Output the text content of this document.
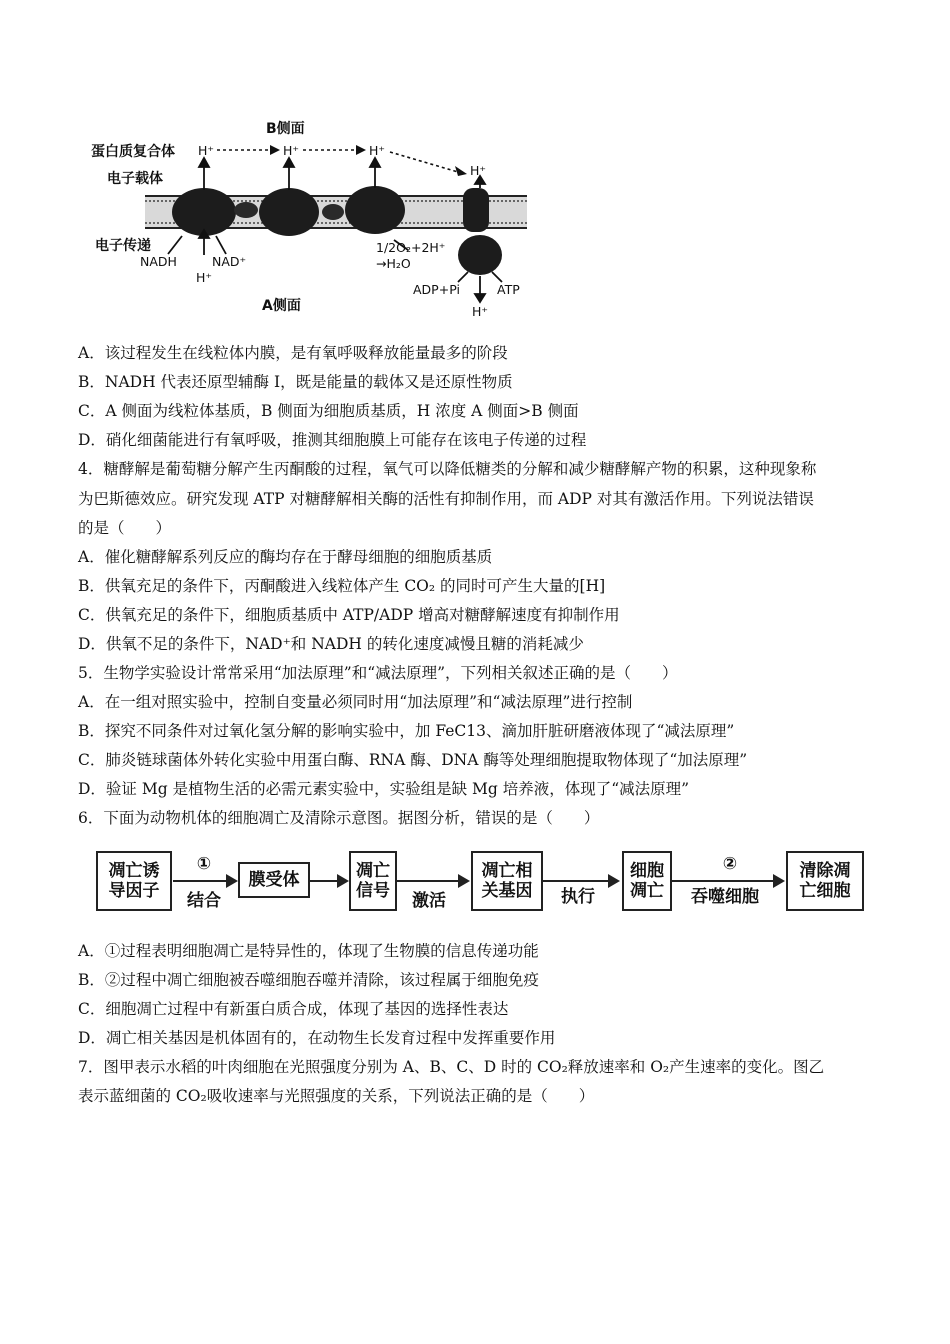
B侧面
蛋白质复合体 H⁺	H⁺	H⁺
H⁺
电子载体
电子传递
NADH	NAD⁺
H⁺
1/2O₂+2H⁺
→H₂O
ADP+Pi	ATP
H⁺
A侧面
A．该过程发生在线粒体内膜，是有氧呼吸释放能量最多的阶段
B．NADH 代表还原型辅酶 I，既是能量的载体又是还原性物质
C．A 侧面为线粒体基质，B 侧面为细胞质基质，H 浓度 A 侧面>B 侧面
D．硝化细菌能进行有氧呼吸，推测其细胞膜上可能存在该电子传递的过程
4．糖酵解是葡萄糖分解产生丙酮酸的过程，氧气可以降低糖类的分解和减少糖酵解产物的积累，这种现象称
为巴斯德效应。研究发现 ATP 对糖酵解相关酶的活性有抑制作用，而 ADP 对其有激活作用。下列说法错误
的是（　　）
A．催化糖酵解系列反应的酶均存在于酵母细胞的细胞质基质
B．供氧充足的条件下，丙酮酸进入线粒体产生 CO₂ 的同时可产生大量的[H]
C．供氧充足的条件下，细胞质基质中 ATP/ADP 增高对糖酵解速度有抑制作用
D．供氧不足的条件下，NAD⁺和 NADH 的转化速度减慢且糖的消耗减少
5．生物学实验设计常常采用“加法原理”和“减法原理”，下列相关叙述正确的是（　　）
A．在一组对照实验中，控制自变量必须同时用“加法原理”和“减法原理”进行控制
B．探究不同条件对过氧化氢分解的影响实验中，加 FeC13、滴加肝脏研磨液体现了“减法原理”
C．肺炎链球菌体外转化实验中用蛋白酶、RNA 酶、DNA 酶等处理细胞提取物体现了“加法原理”
D．验证 Mg 是植物生活的必需元素实验中，实验组是缺 Mg 培养液，体现了“减法原理”
6．下面为动物机体的细胞凋亡及清除示意图。据图分析，错误的是（　　）
凋亡诱
导因子
①
结合
膜受体	凋亡
信号	激活
凋亡相
关基因	执行
细胞
凋亡
②
吞噬细胞
清除凋
亡细胞
A．①过程表明细胞凋亡是特异性的，体现了生物膜的信息传递功能
B．②过程中凋亡细胞被吞噬细胞吞噬并清除，该过程属于细胞免疫
C．细胞凋亡过程中有新蛋白质合成，体现了基因的选择性表达
D．凋亡相关基因是机体固有的，在动物生长发育过程中发挥重要作用
7．图甲表示水稻的叶肉细胞在光照强度分别为 A、B、C、D 时的 CO₂释放速率和 O₂产生速率的变化。图乙
表示蓝细菌的 CO₂吸收速率与光照强度的关系，下列说法正确的是（　　）
